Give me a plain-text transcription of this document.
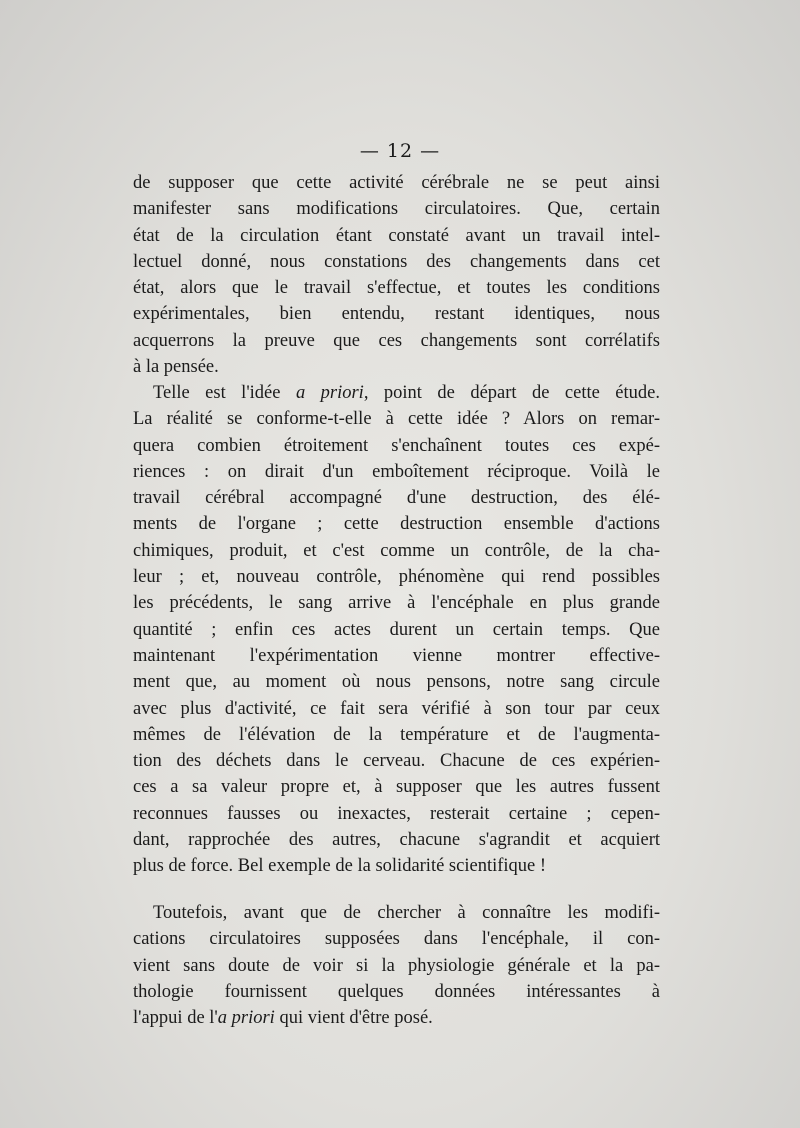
— 12 —
de supposer que cette activité cérébrale ne se peut ainsi
manifester sans modifications circulatoires. Que, certain
état de la circulation étant constaté avant un travail intel-
lectuel donné, nous constations des changements dans cet
état, alors que le travail s'effectue, et toutes les conditions
expérimentales, bien entendu, restant identiques, nous
acquerrons la preuve que ces changements sont corrélatifs
à la pensée.
Telle est l'idée a priori, point de départ de cette étude.
La réalité se conforme-t-elle à cette idée ? Alors on remar-
quera combien étroitement s'enchaînent toutes ces expé-
riences : on dirait d'un emboîtement réciproque. Voilà le
travail cérébral accompagné d'une destruction, des élé-
ments de l'organe ; cette destruction ensemble d'actions
chimiques, produit, et c'est comme un contrôle, de la cha-
leur ; et, nouveau contrôle, phénomène qui rend possibles
les précédents, le sang arrive à l'encéphale en plus grande
quantité ; enfin ces actes durent un certain temps. Que
maintenant l'expérimentation vienne montrer effective-
ment que, au moment où nous pensons, notre sang circule
avec plus d'activité, ce fait sera vérifié à son tour par ceux
mêmes de l'élévation de la température et de l'augmenta-
tion des déchets dans le cerveau. Chacune de ces expérien-
ces a sa valeur propre et, à supposer que les autres fussent
reconnues fausses ou inexactes, resterait certaine ; cepen-
dant, rapprochée des autres, chacune s'agrandit et acquiert
plus de force. Bel exemple de la solidarité scientifique !
Toutefois, avant que de chercher à connaître les modifi-
cations circulatoires supposées dans l'encéphale, il con-
vient sans doute de voir si la physiologie générale et la pa-
thologie fournissent quelques données intéressantes à
l'appui de l'a priori qui vient d'être posé.
